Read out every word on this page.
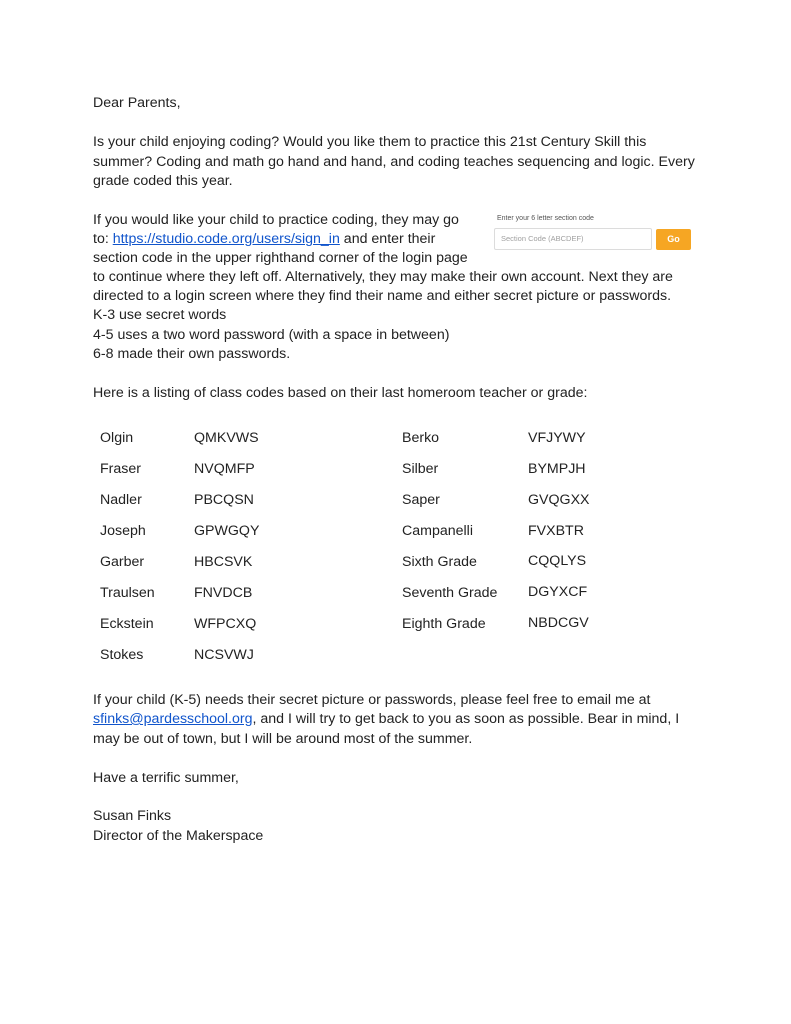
Dear Parents,
Is your child enjoying coding? Would you like them to practice this 21st Century Skill this
summer? Coding and math go hand and hand, and coding teaches sequencing and logic. Every
grade coded this year.
If you would like your child to practice coding, they may go
to: https://studio.code.org/users/sign_in and enter their
section code in the upper righthand corner of the login page
to continue where they left off. Alternatively, they may make their own account. Next they are
directed to a login screen where they find their name and either secret picture or passwords.
K-3 use secret words
4-5 uses a two word password (with a space in between)
6-8 made their own passwords.
Here is a listing of class codes based on their last homeroom teacher or grade:
Enter your 6 letter section code
Section Code (ABCDEF)	Go
Olgin	QMKVWS
Fraser	NVQMFP
Nadler	PBCQSN
Joseph	GPWGQY
Garber	HBCSVK
Traulsen	FNVDCB
Eckstein	WFPCXQ
Stokes	NCSVWJ
Berko	VFJYWY
Silber	BYMPJH
Saper	GVQGXX
Campanelli	FVXBTR
Sixth Grade	CQQLYS
Seventh Grade DGYXCF
Eighth Grade	NBDCGV
If your child (K-5) needs their secret picture or passwords, please feel free to email me at
sfinks@pardesschool.org, and I will try to get back to you as soon as possible. Bear in mind, I
may be out of town, but I will be around most of the summer.
Have a terrific summer,
Susan Finks
Director of the Makerspace
